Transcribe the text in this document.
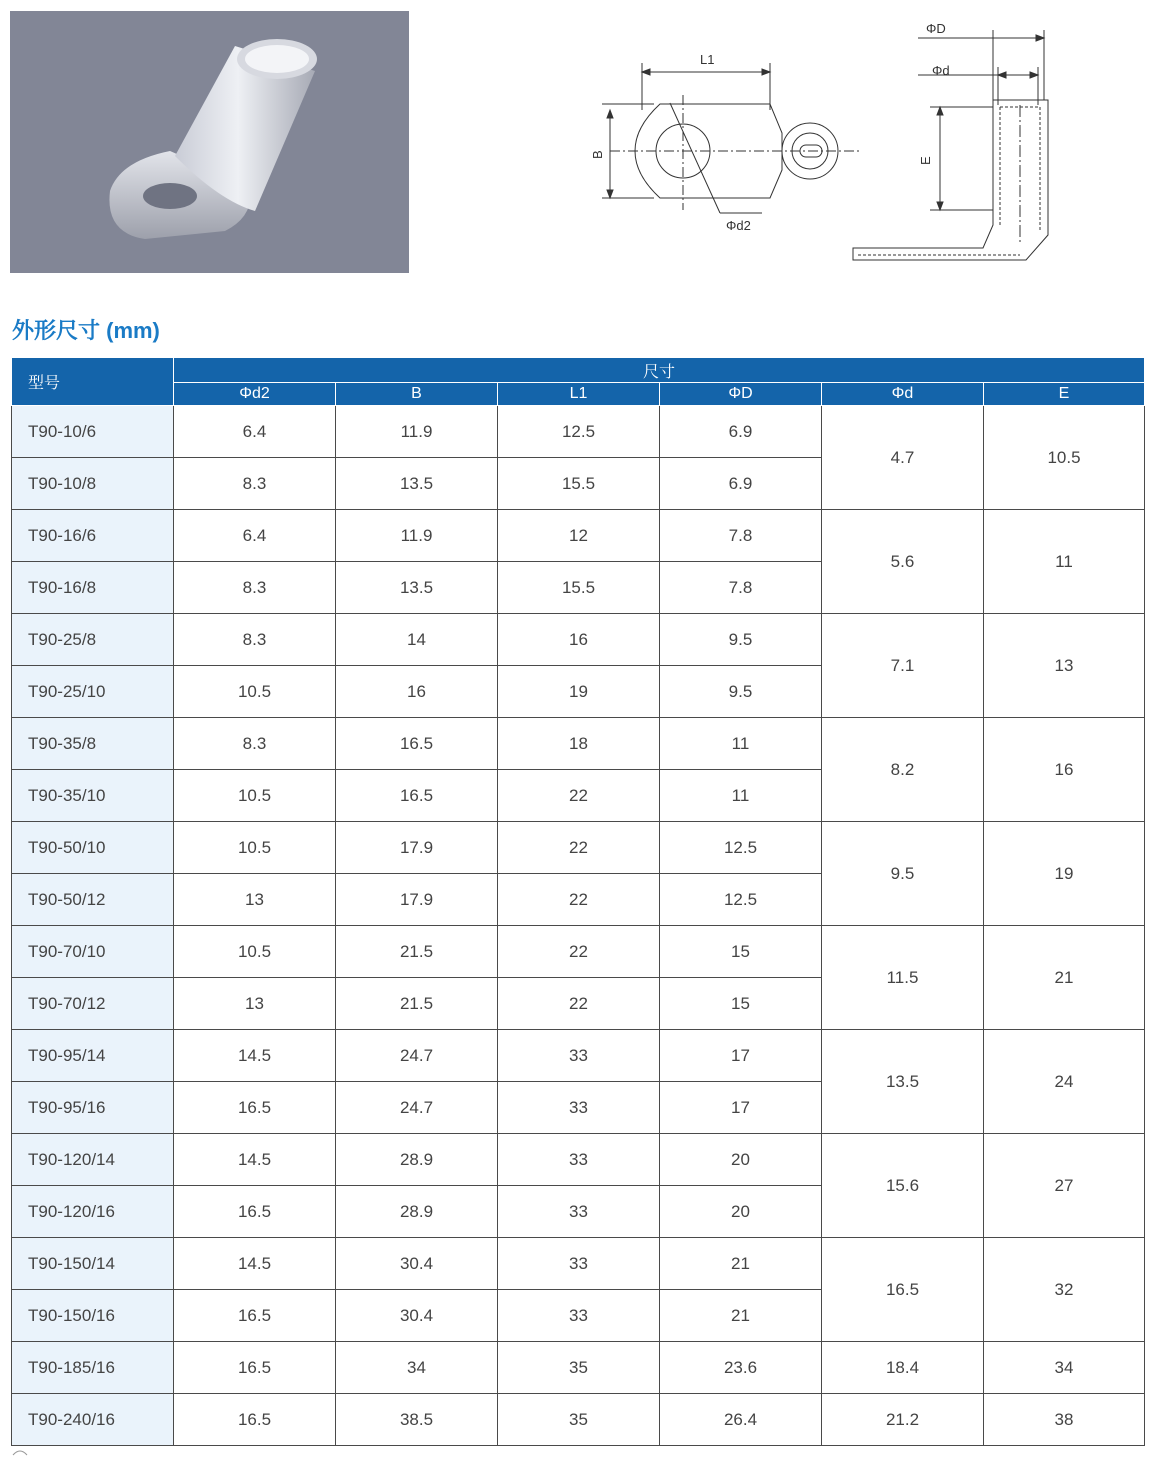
L1
B
Φd2
ΦD
Φd
E
外形尺寸 (mm)
型号	尺寸					
	Φd2	B	L1	ΦD	Φd	E
T90-10/6	6.4	11.9	12.5	6.9	4.7	10.5
T90-10/8	8.3	13.5	15.5	6.9		
T90-16/6	6.4	11.9	12	7.8	5.6	11
T90-16/8	8.3	13.5	15.5	7.8		
T90-25/8	8.3	14	16	9.5	7.1	13
T90-25/10	10.5	16	19	9.5		
T90-35/8	8.3	16.5	18	11	8.2	16
T90-35/10	10.5	16.5	22	11		
T90-50/10	10.5	17.9	22	12.5	9.5	19
T90-50/12	13	17.9	22	12.5		
T90-70/10	10.5	21.5	22	15	11.5	21
T90-70/12	13	21.5	22	15		
T90-95/14	14.5	24.7	33	17	13.5	24
T90-95/16	16.5	24.7	33	17		
T90-120/14	14.5	28.9	33	20	15.6	27
T90-120/16	16.5	28.9	33	20		
T90-150/14	14.5	30.4	33	21	16.5	32
T90-150/16	16.5	30.4	33	21		
T90-185/16	16.5	34	35	23.6	18.4	34
T90-240/16	16.5	38.5	35	26.4	21.2	38
